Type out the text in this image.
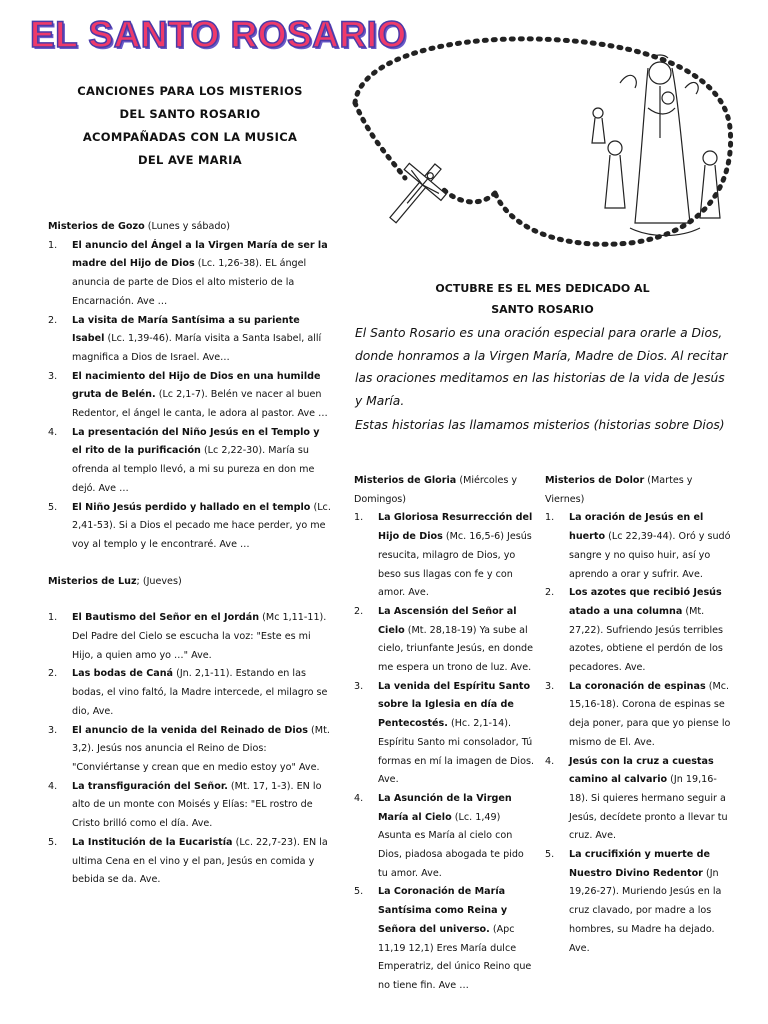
EL SANTO ROSARIO
CANCIONES PARA LOS MISTERIOS
DEL SANTO ROSARIO
ACOMPAÑADAS CON LA MUSICA
DEL AVE MARIA
Misterios de Gozo (Lunes y sábado)
1. El anuncio del Ángel a la Virgen María de ser la madre del Hijo de Dios (Lc. 1,26-38). EL ángel anuncia de parte de Dios el alto misterio de la Encarnación. Ave …
2. La visita de María Santísima a su pariente Isabel (Lc. 1,39-46). María visita a Santa Isabel, allí magnifica a Dios de Israel. Ave…
3. El nacimiento del Hijo de Dios en una humilde gruta de Belén. (Lc 2,1-7). Belén ve nacer al buen Redentor, el ángel le canta, le adora al pastor. Ave …
4. La presentación del Niño Jesús en el Templo y el rito de la purificación (Lc 2,22-30). María su ofrenda al templo llevó, a mi su pureza en don me dejó. Ave …
5. El Niño Jesús perdido y hallado en el templo (Lc. 2,41-53). Si a Dios el pecado me hace perder, yo me voy al templo y le encontraré. Ave …
Misterios de Luz; (Jueves)
1. El Bautismo del Señor en el Jordán (Mc 1,11-11). Del Padre del Cielo se escucha la voz: "Este es mi Hijo, a quien amo yo …" Ave.
2. Las bodas de Caná (Jn. 2,1-11). Estando en las bodas, el vino faltó, la Madre intercede, el milagro se dio, Ave.
3. El anuncio de la venida del Reinado de Dios (Mt. 3,2). Jesús nos anuncia el Reino de Dios: "Conviértanse y crean que en medio estoy yo" Ave.
4. La transfiguración del Señor. (Mt. 17, 1-3). EN lo alto de un monte con Moisés y Elías: "EL rostro de Cristo brilló como el día. Ave.
5. La Institución de la Eucaristía (Lc. 22,7-23). EN la ultima Cena en el vino y el pan, Jesús en comida y bebida se da. Ave.
OCTUBRE ES EL MES DEDICADO AL
SANTO ROSARIO
El Santo Rosario es una oración especial para orarle a Dios, donde honramos a la Virgen María, Madre de Dios. Al recitar las oraciones meditamos en las historias de la vida de Jesús y María.
Estas historias las llamamos misterios (historias sobre Dios)
Misterios de Gloria (Miércoles y Domingos)
1. La Gloriosa Resurrección del Hijo de Dios (Mc. 16,5-6) Jesús resucita, milagro de Dios, yo beso sus llagas con fe y con amor. Ave.
2. La Ascensión del Señor al Cielo (Mt. 28,18-19) Ya sube al cielo, triunfante Jesús, en donde me espera un trono de luz. Ave.
3. La venida del Espíritu Santo sobre la Iglesia en día de Pentecostés. (Hc. 2,1-14). Espíritu Santo mi consolador, Tú formas en mí la imagen de Dios. Ave.
4. La Asunción de la Virgen María al Cielo (Lc. 1,49) Asunta es María al cielo con Dios, piadosa abogada te pido tu amor. Ave.
5. La Coronación de María Santísima como Reina y Señora del universo. (Apc 11,19 12,1) Eres María dulce Emperatriz, del único Reino que no tiene fin. Ave …
Misterios de Dolor (Martes y Viernes)
1. La oración de Jesús en el huerto (Lc 22,39-44). Oró y sudó sangre y no quiso huir, así yo aprendo a orar y sufrir. Ave.
2. Los azotes que recibió Jesús atado a una columna (Mt. 27,22). Sufriendo Jesús terribles azotes, obtiene el perdón de los pecadores. Ave.
3. La coronación de espinas (Mc. 15,16-18). Corona de espinas se deja poner, para que yo piense lo mismo de El. Ave.
4. Jesús con la cruz a cuestas camino al calvario (Jn 19,16-18). Si quieres hermano seguir a Jesús, decídete pronto a llevar tu cruz. Ave.
5. La crucifixión y muerte de Nuestro Divino Redentor (Jn 19,26-27). Muriendo Jesús en la cruz clavado, por madre a los hombres, su Madre ha dejado. Ave.
